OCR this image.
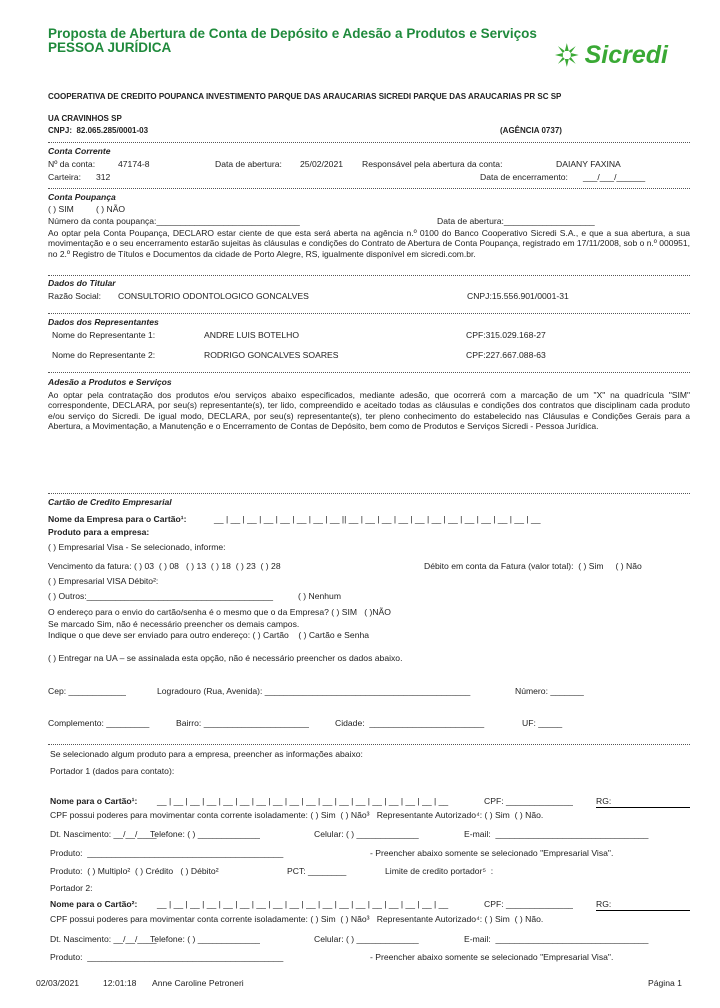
Proposta de Abertura de Conta de Depósito e Adesão a Produtos e Serviços
PESSOA JURÍDICA	Sicredi
COOPERATIVA DE CREDITO POUPANCA INVESTIMENTO PARQUE DAS ARAUCARIAS SICREDI PARQUE DAS ARAUCARIAS PR SC SP
UA CRAVINHOS SP
CNPJ:  82.065.285/0001-03	(AGÊNCIA 0737)
Conta Corrente
Nº da conta:	47174-8	Data de abertura: 25/02/2021 Responsável pela abertura da conta:	DAIANY FAXINA
Carteira: 312	Data de encerramento: ___/___/______
Conta Poupança
( ) SIM	( ) NÃO
Número da conta poupança:______________________________	Data de abertura:___________________
Ao optar pela Conta Poupança, DECLARO estar ciente de que esta será aberta na agência n.º 0100 do Banco Cooperativo Sicredi S.A., e que a sua abertura, a sua movimentação e o seu encerramento estarão sujeitas às cláusulas e condições do Contrato de Abertura de Conta Poupança, registrado em 17/11/2008, sob o n.º 000951, no 2.º Registro de Títulos e Documentos da cidade de Porto Alegre, RS, igualmente disponível em sicredi.com.br.
Dados do Titular
Razão Social: CONSULTORIO ODONTOLOGICO GONCALVES	CNPJ:15.556.901/0001-31
Dados dos Representantes
Nome do Representante 1:	ANDRE LUIS BOTELHO	CPF:315.029.168-27
Nome do Representante 2:	RODRIGO GONCALVES SOARES	CPF:227.667.088-63
Adesão a Produtos e Serviços
Ao optar pela contratação dos produtos e/ou serviços abaixo especificados, mediante adesão, que ocorrerá com a marcação de um "X" na quadrícula "SIM" correspondente, DECLARA, por seu(s) representante(s), ter lido, compreendido e aceitado todas as cláusulas e condições dos contratos que disciplinam cada produto e/ou serviço do Sicredi. De igual modo, DECLARA, por seu(s) representante(s), ter pleno conhecimento do estabelecido nas Cláusulas e Condições Gerais para a Abertura, a Movimentação, a Manutenção e o Encerramento de Contas de Depósito, bem como de Produtos e Serviços Sicredi - Pessoa Jurídica.
Cartão de Credito Empresarial
Nome da Empresa para o Cartão¹:	__ | __ | __ | __ | __ | __ | __ | __ || __ | __ | __ | __ | __ | __ | __ | __ | __ | __ | __ | __
Produto para a empresa:
( ) Empresarial Visa - Se selecionado, informe:
Vencimento da fatura: ( ) 03  ( ) 08   ( ) 13  ( ) 18  ( ) 23  ( ) 28	Débito em conta da Fatura (valor total):  ( ) Sim     ( ) Não
( ) Empresarial VISA Débito²:
( ) Outros:_______________________________________	( ) Nenhum
O endereço para o envio do cartão/senha é o mesmo que o da Empresa? ( ) SIM   ( )NÃO
Se marcado Sim, não é necessário preencher os demais campos.
Indique o que deve ser enviado para outro endereço: ( ) Cartão    ( ) Cartão e Senha
( ) Entregar na UA – se assinalada esta opção, não é necessário preencher os dados abaixo.
Cep: ____________	Logradouro (Rua, Avenida): ___________________________________________	Número: _______
Complemento: _________	Bairro: ______________________	Cidade:  ________________________	UF: _____
Se selecionado algum produto para a empresa, preencher as informações abaixo:
Portador 1 (dados para contato):
Nome para o Cartão¹: __ | __ | __ | __ | __ | __ | __ | __ | __ | __ | __ | __ | __ | __ | __ | __ | __ | __	CPF: ______________	RG:
CPF possui poderes para movimentar conta corrente isoladamente: ( ) Sim  ( ) Não³   Representante Autorizado⁴: ( ) Sim  ( ) Não.
Dt. Nascimento: __/__/____
Telefone: ( ) _____________	Celular: ( ) _____________	E-mail:  ________________________________
Produto:  _________________________________________	- Preencher abaixo somente se selecionado "Empresarial Visa".
Produto:  ( ) Multiplo²  ( ) Crédito   ( ) Débito²	PCT: ________	Limite de credito portador⁵  :
Portador 2:
Nome para o Cartão²: __ | __ | __ | __ | __ | __ | __ | __ | __ | __ | __ | __ | __ | __ | __ | __ | __ | __	CPF: ______________	RG:
CPF possui poderes para movimentar conta corrente isoladamente: ( ) Sim  ( ) Não³   Representante Autorizado⁴: ( ) Sim  ( ) Não.
Dt. Nascimento: __/__/____
Telefone: ( ) _____________	Celular: ( ) _____________	E-mail:  ________________________________
Produto:  _________________________________________	- Preencher abaixo somente se selecionado "Empresarial Visa".
02/03/2021	12:01:18 Anne Caroline Petroneri	Página 1
